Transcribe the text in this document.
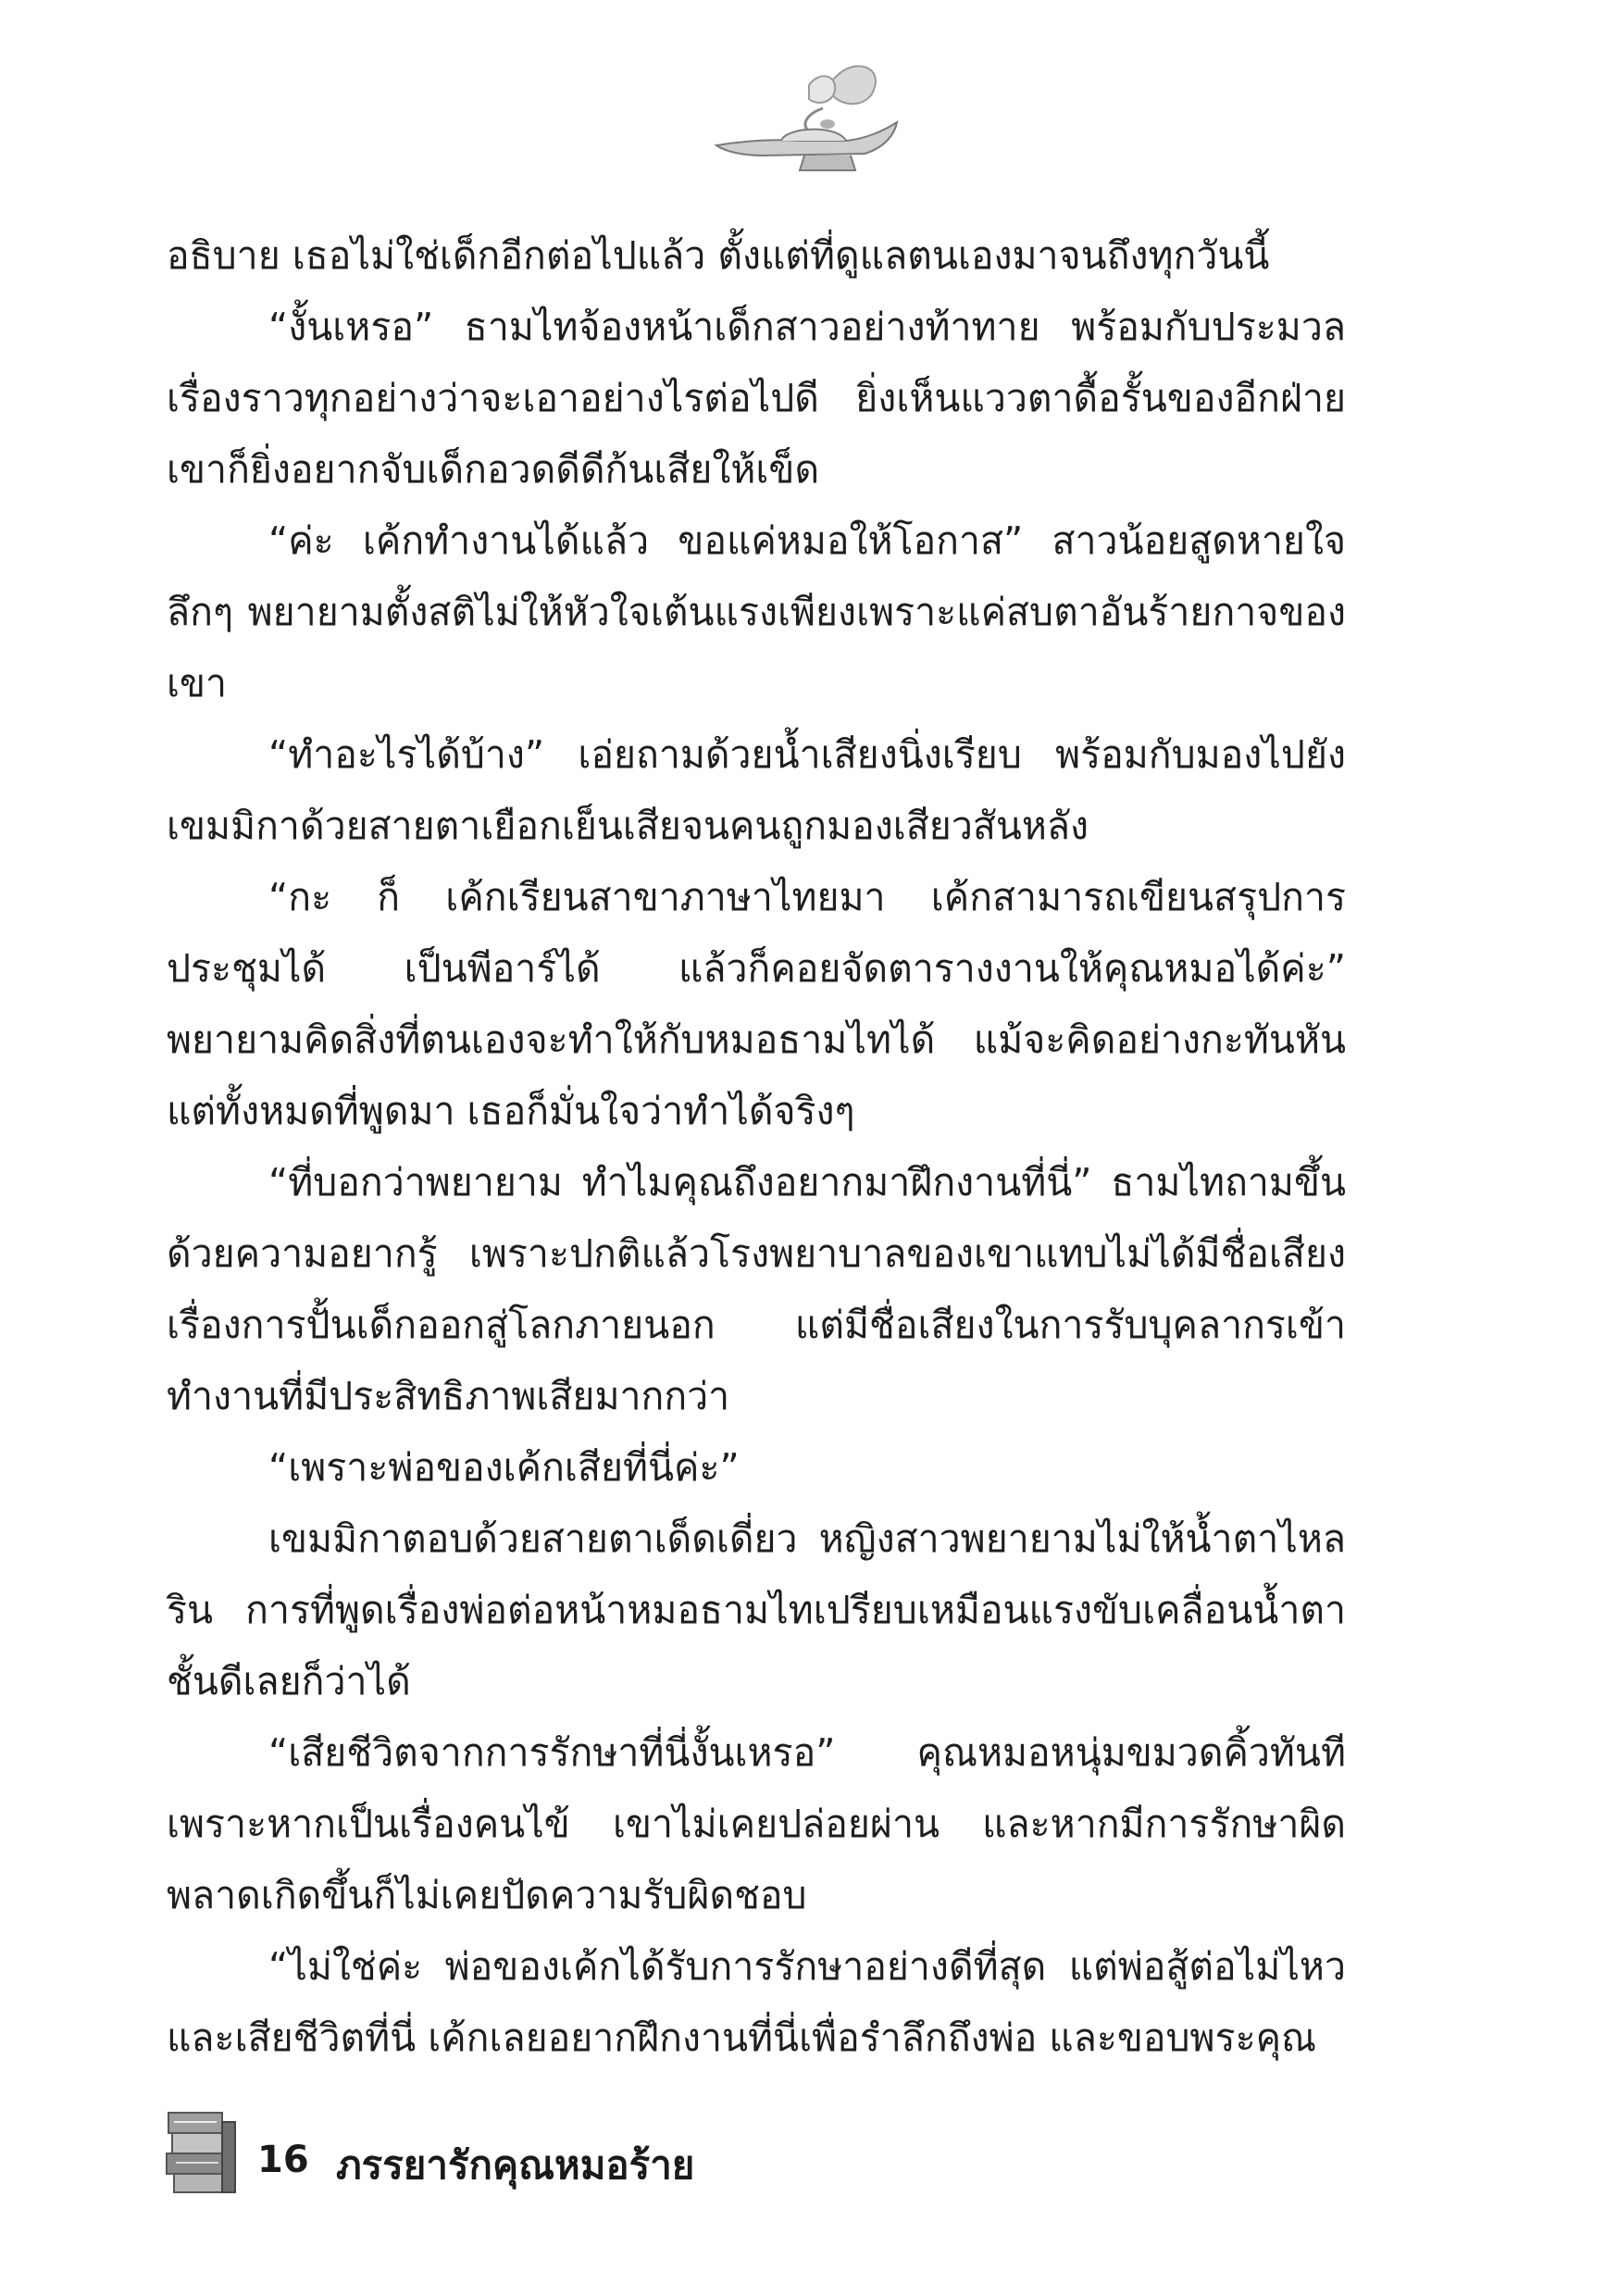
อธิบาย เธอไม่ใช่เด็กอีกต่อไปแล้ว ตั้งแต่ที่ดูแลตนเองมาจนถึงทุกวันนี้

“งั้นเหรอ” ธามไทจ้องหน้าเด็กสาวอย่างท้าทาย พร้อมกับประมวลเรื่องราวทุกอย่างว่าจะเอาอย่างไรต่อไปดี ยิ่งเห็นแววตาดื้อรั้นของอีกฝ่ายเขาก็ยิ่งอยากจับเด็กอวดดีดีก้นเสียให้เข็ด

“ค่ะ เค้กทำงานได้แล้ว ขอแค่หมอให้โอกาส” สาวน้อยสูดหายใจลึกๆ พยายามตั้งสติไม่ให้หัวใจเต้นแรงเพียงเพราะแค่สบตาอันร้ายกาจของเขา

“ทำอะไรได้บ้าง” เอ่ยถามด้วยน้ำเสียงนิ่งเรียบ พร้อมกับมองไปยังเขมมิกาด้วยสายตาเยือกเย็นเสียจนคนถูกมองเสียวสันหลัง

“กะ ก็ เค้กเรียนสาขาภาษาไทยมา เค้กสามารถเขียนสรุปการประชุมได้ เป็นพีอาร์ได้ แล้วก็คอยจัดตารางงานให้คุณหมอได้ค่ะ” พยายามคิดสิ่งที่ตนเองจะทำให้กับหมอธามไทได้ แม้จะคิดอย่างกะทันหัน แต่ทั้งหมดที่พูดมา เธอก็มั่นใจว่าทำได้จริงๆ

“ที่บอกว่าพยายาม ทำไมคุณถึงอยากมาฝึกงานที่นี่” ธามไทถามขึ้นด้วยความอยากรู้ เพราะปกติแล้วโรงพยาบาลของเขาแทบไม่ได้มีชื่อเสียงเรื่องการปั้นเด็กออกสู่โลกภายนอก แต่มีชื่อเสียงในการรับบุคลากรเข้าทำงานที่มีประสิทธิภาพเสียมากกว่า

“เพราะพ่อของเค้กเสียที่นี่ค่ะ”

เขมมิกาตอบด้วยสายตาเด็ดเดี่ยว หญิงสาวพยายามไม่ให้น้ำตาไหลริน การที่พูดเรื่องพ่อต่อหน้าหมอธามไทเปรียบเหมือนแรงขับเคลื่อนน้ำตาชั้นดีเลยก็ว่าได้

“เสียชีวิตจากการรักษาที่นี่งั้นเหรอ” คุณหมอหนุ่มขมวดคิ้วทันทีเพราะหากเป็นเรื่องคนไข้ เขาไม่เคยปล่อยผ่าน และหากมีการรักษาผิดพลาดเกิดขึ้นก็ไม่เคยปัดความรับผิดชอบ

“ไม่ใช่ค่ะ พ่อของเค้กได้รับการรักษาอย่างดีที่สุด แต่พ่อสู้ต่อไม่ไหวและเสียชีวิตที่นี่ เค้กเลยอยากฝึกงานที่นี่เพื่อรำลึกถึงพ่อ และขอบพระคุณ

16 ภรรยารักคุณหมอร้าย
